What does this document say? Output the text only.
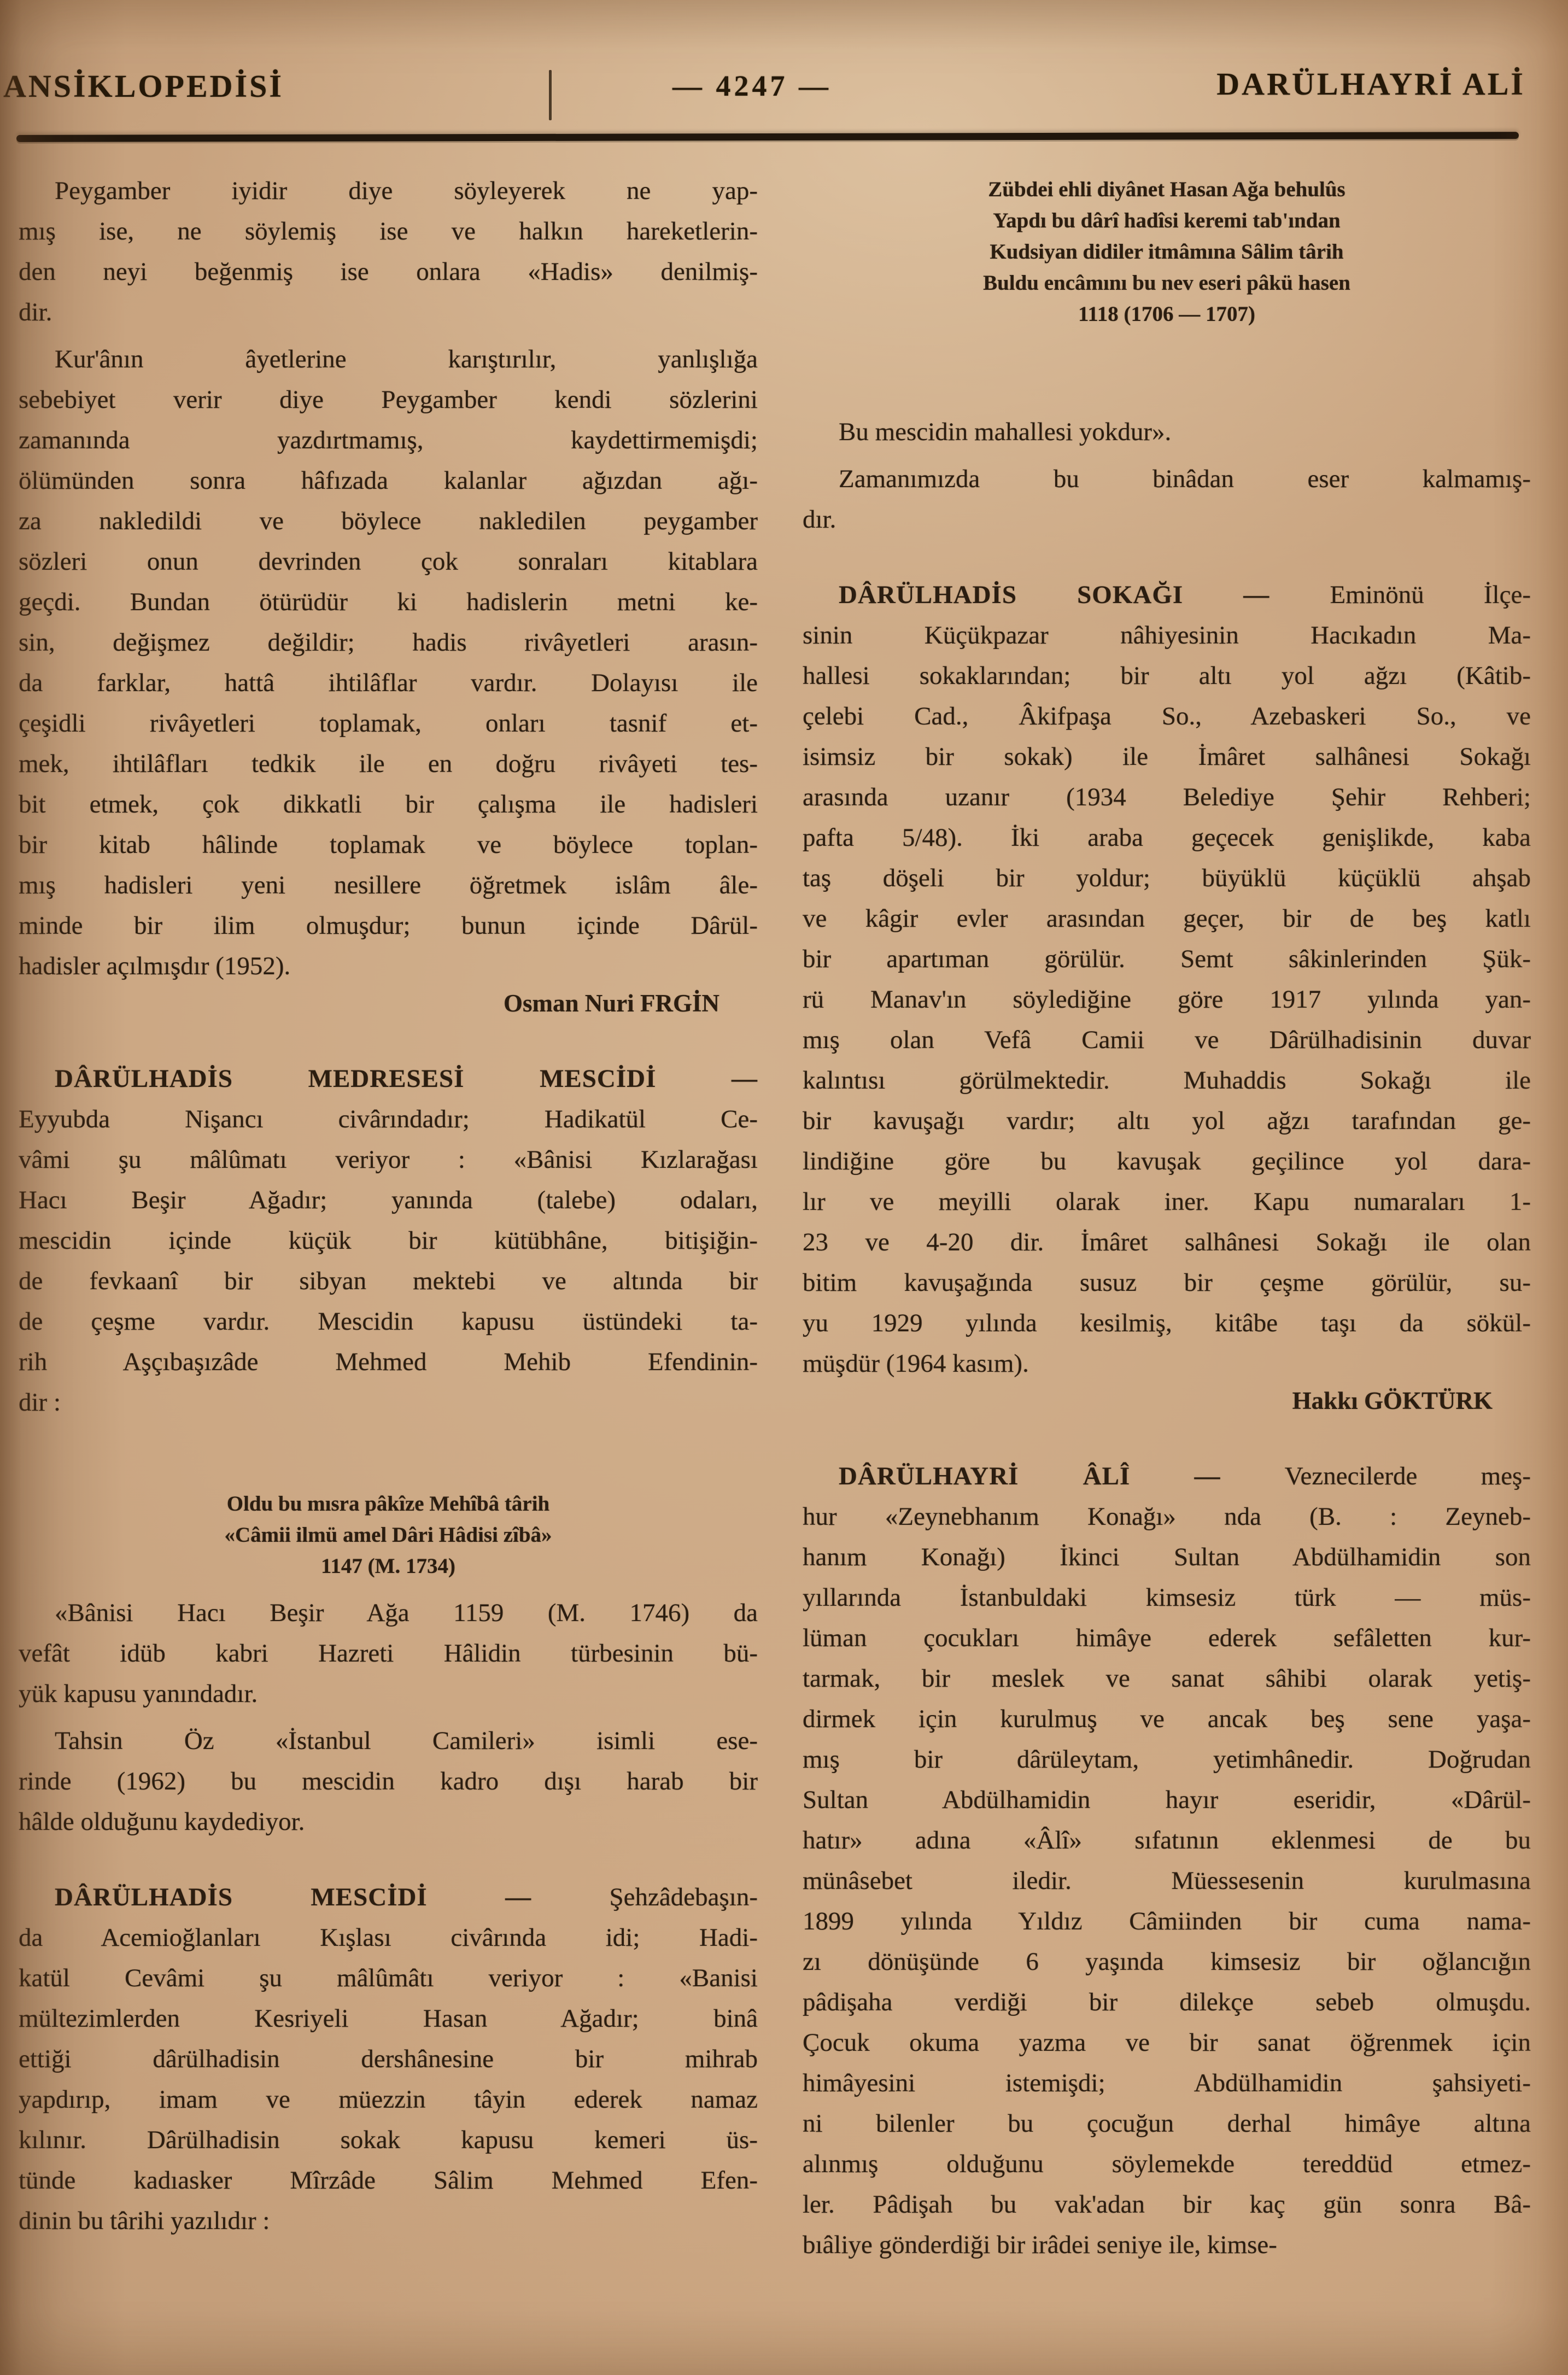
ANSİKLOPEDİSİ	— 4247 —	DARÜLHAYRİ ALİ
Peygamber iyidir diye söyleyerek ne yap-
mış ise, ne söylemiş ise ve halkın hareketlerin-
den neyi beğenmiş ise onlara «Hadis» denilmiş-
dir.
Kur'ânın âyetlerine karıştırılır, yanlışlığa
sebebiyet verir diye Peygamber kendi sözlerini
zamanında yazdırtmamış, kaydettirmemişdi;
ölümünden sonra hâfızada kalanlar ağızdan ağı-
za nakledildi ve böylece nakledilen peygamber
sözleri onun devrinden çok sonraları kitablara
geçdi. Bundan ötürüdür ki hadislerin metni ke-
sin, değişmez değildir; hadis rivâyetleri arasın-
da farklar, hattâ ihtilâflar vardır. Dolayısı ile
çeşidli rivâyetleri toplamak, onları tasnif et-
mek, ihtilâfları tedkik ile en doğru rivâyeti tes-
bit etmek, çok dikkatli bir çalışma ile hadisleri
bir kitab hâlinde toplamak ve böylece toplan-
mış hadisleri yeni nesillere öğretmek islâm âle-
minde bir ilim olmuşdur; bunun içinde Dârül-
hadisler açılmışdır (1952).
Osman Nuri FRGİN
DÂRÜLHADİS MEDRESESİ MESCİDİ —
Eyyubda Nişancı civârındadır; Hadikatül Ce-
vâmi şu mâlûmatı veriyor : «Bânisi Kızlarağası
Hacı Beşir Ağadır; yanında (talebe) odaları,
mescidin içinde küçük bir kütübhâne, bitişiğin-
de fevkaanî bir sibyan mektebi ve altında bir
de çeşme vardır. Mescidin kapusu üstündeki ta-
rih Aşçıbaşızâde Mehmed Mehib Efendinin-
dir :
Oldu bu mısra pâkîze Mehîbâ târih
«Câmii ilmü amel Dâri Hâdisi zîbâ»
1147 (M. 1734)
«Bânisi Hacı Beşir Ağa 1159 (M. 1746) da
vefât idüb kabri Hazreti Hâlidin türbesinin bü-
yük kapusu yanındadır.
Tahsin Öz «İstanbul Camileri» isimli ese-
rinde (1962) bu mescidin kadro dışı harab bir
hâlde olduğunu kaydediyor.
DÂRÜLHADİS MESCİDİ — Şehzâdebaşın-
da Acemioğlanları Kışlası civârında idi; Hadi-
katül Cevâmi şu mâlûmâtı veriyor : «Banisi
mültezimlerden Kesriyeli Hasan Ağadır; binâ
ettiği dârülhadisin dershânesine bir mihrab
yapdırıp, imam ve müezzin tâyin ederek namaz
kılınır. Dârülhadisin sokak kapusu kemeri üs-
tünde kadıasker Mîrzâde Sâlim Mehmed Efen-
dinin bu târihi yazılıdır :
Zübdei ehli diyânet Hasan Ağa behulûs
Yapdı bu dârî hadîsi keremi tab'ından
Kudsiyan didiler itmâmına Sâlim târih
Buldu encâmını bu nev eseri pâkü hasen
1118 (1706 — 1707)
Bu mescidin mahallesi yokdur».
Zamanımızda bu binâdan eser kalmamış-
dır.
DÂRÜLHADİS SOKAĞI — Eminönü İlçe-
sinin Küçükpazar nâhiyesinin Hacıkadın Ma-
hallesi sokaklarından; bir altı yol ağzı (Kâtib-
çelebi Cad., Âkifpaşa So., Azebaskeri So., ve
isimsiz bir sokak) ile İmâret salhânesi Sokağı
arasında uzanır (1934 Belediye Şehir Rehberi;
pafta 5/48). İki araba geçecek genişlikde, kaba
taş döşeli bir yoldur; büyüklü küçüklü ahşab
ve kâgir evler arasından geçer, bir de beş katlı
bir apartıman görülür. Semt sâkinlerinden Şük-
rü Manav'ın söylediğine göre 1917 yılında yan-
mış olan Vefâ Camii ve Dârülhadisinin duvar
kalıntısı görülmektedir. Muhaddis Sokağı ile
bir kavuşağı vardır; altı yol ağzı tarafından ge-
lindiğine göre bu kavuşak geçilince yol dara-
lır ve meyilli olarak iner. Kapu numaraları 1-
23 ve 4-20 dir. İmâret salhânesi Sokağı ile olan
bitim kavuşağında susuz bir çeşme görülür, su-
yu 1929 yılında kesilmiş, kitâbe taşı da sökül-
müşdür (1964 kasım).
Hakkı GÖKTÜRK
DÂRÜLHAYRİ ÂLÎ — Veznecilerde meş-
hur «Zeynebhanım Konağı» nda (B. : Zeyneb-
hanım Konağı) İkinci Sultan Abdülhamidin son
yıllarında İstanbuldaki kimsesiz türk — müs-
lüman çocukları himâye ederek sefâletten kur-
tarmak, bir meslek ve sanat sâhibi olarak yetiş-
dirmek için kurulmuş ve ancak beş sene yaşa-
mış bir dârüleytam, yetimhânedir. Doğrudan
Sultan Abdülhamidin hayır eseridir, «Dârül-
hatır» adına «Âlî» sıfatının eklenmesi de bu
münâsebet iledir. Müessesenin kurulmasına
1899 yılında Yıldız Câmiinden bir cuma nama-
zı dönüşünde 6 yaşında kimsesiz bir oğlancığın
pâdişaha verdiği bir dilekçe sebeb olmuşdu.
Çocuk okuma yazma ve bir sanat öğrenmek için
himâyesini istemişdi; Abdülhamidin şahsiyeti-
ni bilenler bu çocuğun derhal himâye altına
alınmış olduğunu söylemekde tereddüd etmez-
ler. Pâdişah bu vak'adan bir kaç gün sonra Bâ-
bıâliye gönderdiği bir irâdei seniye ile, kimse-
